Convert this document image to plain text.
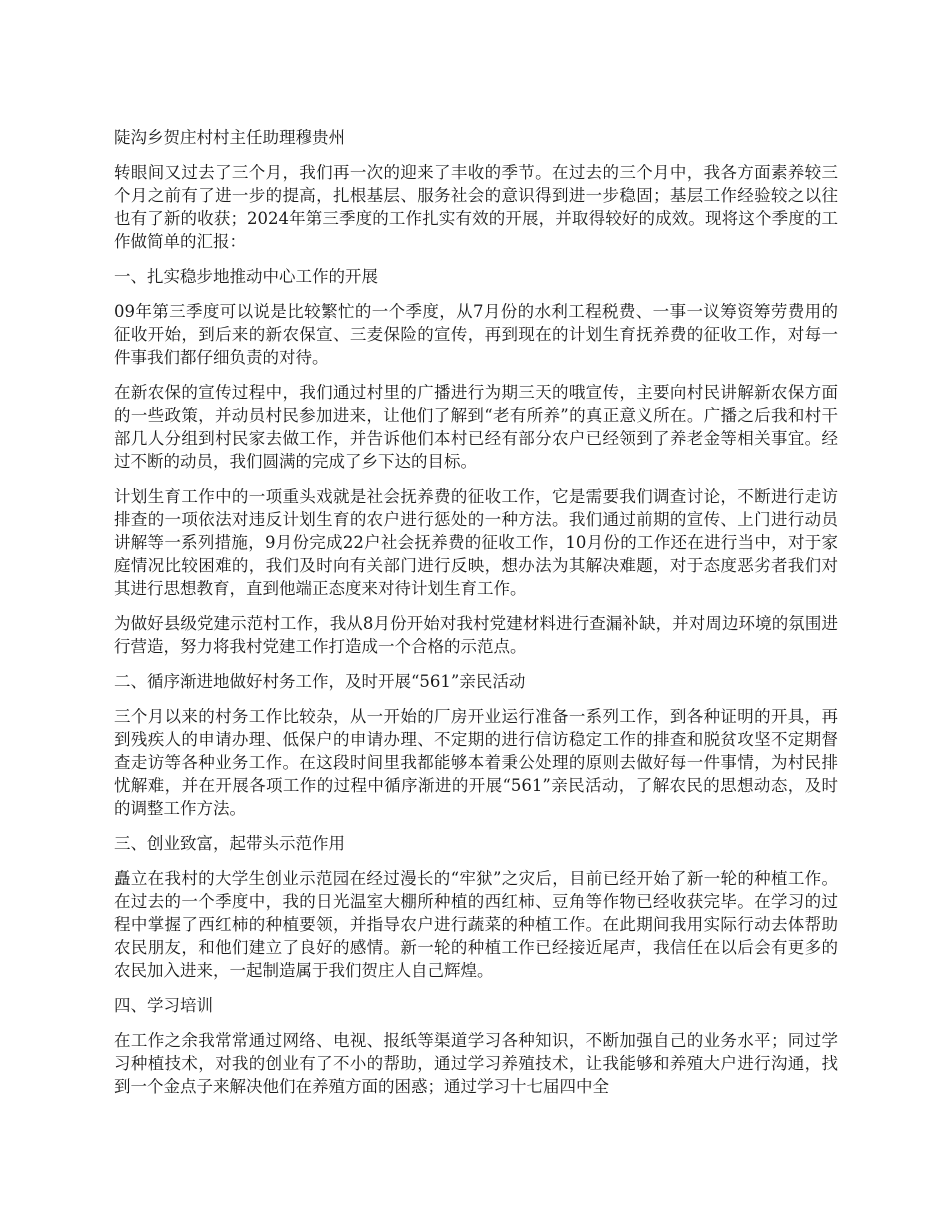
陡沟乡贺庄村村主任助理穆贵州

转眼间又过去了三个月，我们再一次的迎来了丰收的季节。在过去的三个月中，我各方面素养较三个月之前有了进一步的提高，扎根基层、服务社会的意识得到进一步稳固；基层工作经验较之以往也有了新的收获；2024年第三季度的工作扎实有效的开展，并取得较好的成效。现将这个季度的工作做简单的汇报：

一、扎实稳步地推动中心工作的开展

09年第三季度可以说是比较繁忙的一个季度，从7月份的水利工程税费、一事一议筹资筹劳费用的征收开始，到后来的新农保宣、三麦保险的宣传，再到现在的计划生育抚养费的征收工作，对每一件事我们都仔细负责的对待。

在新农保的宣传过程中，我们通过村里的广播进行为期三天的哦宣传，主要向村民讲解新农保方面的一些政策，并动员村民参加进来，让他们了解到“老有所养”的真正意义所在。广播之后我和村干部几人分组到村民家去做工作，并告诉他们本村已经有部分农户已经领到了养老金等相关事宜。经过不断的动员，我们圆满的完成了乡下达的目标。

计划生育工作中的一项重头戏就是社会抚养费的征收工作，它是需要我们调查讨论，不断进行走访排查的一项依法对违反计划生育的农户进行惩处的一种方法。我们通过前期的宣传、上门进行动员讲解等一系列措施，9月份完成22户社会抚养费的征收工作，10月份的工作还在进行当中，对于家庭情况比较困难的，我们及时向有关部门进行反映，想办法为其解决难题，对于态度恶劣者我们对其进行思想教育，直到他端正态度来对待计划生育工作。

为做好县级党建示范村工作，我从8月份开始对我村党建材料进行查漏补缺，并对周边环境的氛围进行营造，努力将我村党建工作打造成一个合格的示范点。

二、循序渐进地做好村务工作，及时开展“561”亲民活动

三个月以来的村务工作比较杂，从一开始的厂房开业运行准备一系列工作，到各种证明的开具，再到残疾人的申请办理、低保户的申请办理、不定期的进行信访稳定工作的排查和脱贫攻坚不定期督查走访等各种业务工作。在这段时间里我都能够本着秉公处理的原则去做好每一件事情，为村民排忧解难，并在开展各项工作的过程中循序渐进的开展“561”亲民活动，了解农民的思想动态，及时的调整工作方法。

三、创业致富，起带头示范作用

矗立在我村的大学生创业示范园在经过漫长的“牢狱”之灾后，目前已经开始了新一轮的种植工作。在过去的一个季度中，我的日光温室大棚所种植的西红柿、豆角等作物已经收获完毕。在学习的过程中掌握了西红柿的种植要领，并指导农户进行蔬菜的种植工作。在此期间我用实际行动去体帮助农民朋友，和他们建立了良好的感情。新一轮的种植工作已经接近尾声，我信任在以后会有更多的农民加入进来，一起制造属于我们贺庄人自己辉煌。

四、学习培训

在工作之余我常常通过网络、电视、报纸等渠道学习各种知识，不断加强自己的业务水平；同过学习种植技术，对我的创业有了不小的帮助，通过学习养殖技术，让我能够和养殖大户进行沟通，找到一个金点子来解决他们在养殖方面的困惑；通过学习十七届四中全
